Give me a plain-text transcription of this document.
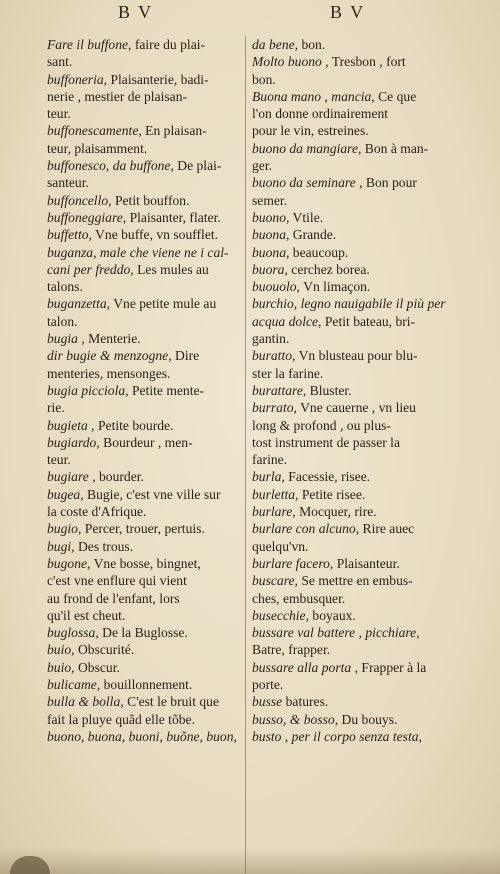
B V	B V
Fare il buffone, faire du plai-
sant.
buffoneria, Plaisanterie, badi-
nerie , mestier de plaisan-
teur.
buffonescamente, En plaisan-
teur, plaisamment.
buffonesco, da buffone, De plai-
santeur.
buffoncello, Petit bouffon.
buffoneggiare, Plaisanter, flater.
buffetto, Vne buffe, vn soufflet.
buganza, male che viene ne i cal-
cani per freddo, Les mules au
talons.
buganzetta, Vne petite mule au
talon.
bugia , Menterie.
dir bugie & menzogne, Dire
menteries, mensonges.
bugia picciola, Petite mente-
rie.
bugieta , Petite bourde.
bugiardo, Bourdeur , men-
teur.
bugiare , bourder.
bugea, Bugie, c'est vne ville sur
la coste d'Afrique.
bugio, Percer, trouer, pertuis.
bugi, Des trous.
bugone, Vne bosse, bingnet,
c'est vne enflure qui vient
au frond de l'enfant, lors
qu'il est cheut.
buglossa, De la Buglosse.
buio, Obscurité.
buio, Obscur.
bulicame, bouillonnement.
bulla & bolla, C'est le bruit que
fait la pluye quãd elle tõbe.
buono, buona, buoni, buõne, buon,
da bene, bon.
Molto buono , Tresbon , fort
bon.
Buona mano , mancia, Ce que
l'on donne ordinairement
pour le vin, estreines.
buono da mangiare, Bon à man-
ger.
buono da seminare , Bon pour
semer.
buono, Vtile.
buona, Grande.
buona, beaucoup.
buora, cerchez borea.
buouolo, Vn limaçon.
burchio, legno nauigabile il più per
acqua dolce, Petit bateau, bri-
gantin.
buratto, Vn blusteau pour blu-
ster la farine.
burattare, Bluster.
burrato, Vne cauerne , vn lieu
long & profond , ou plus-
tost instrument de passer la
farine.
burla, Facessie, risee.
burletta, Petite risee.
burlare, Mocquer, rire.
burlare con alcuno, Rire auec
quelqu'vn.
burlare facero, Plaisanteur.
buscare, Se mettre en embus-
ches, embusquer.
busecchie, boyaux.
bussare val battere , picchiare,
Batre, frapper.
bussare alla porta , Frapper à la
porte.
busse batures.
busso, & bosso, Du bouys.
busto , per il corpo senza testa,
